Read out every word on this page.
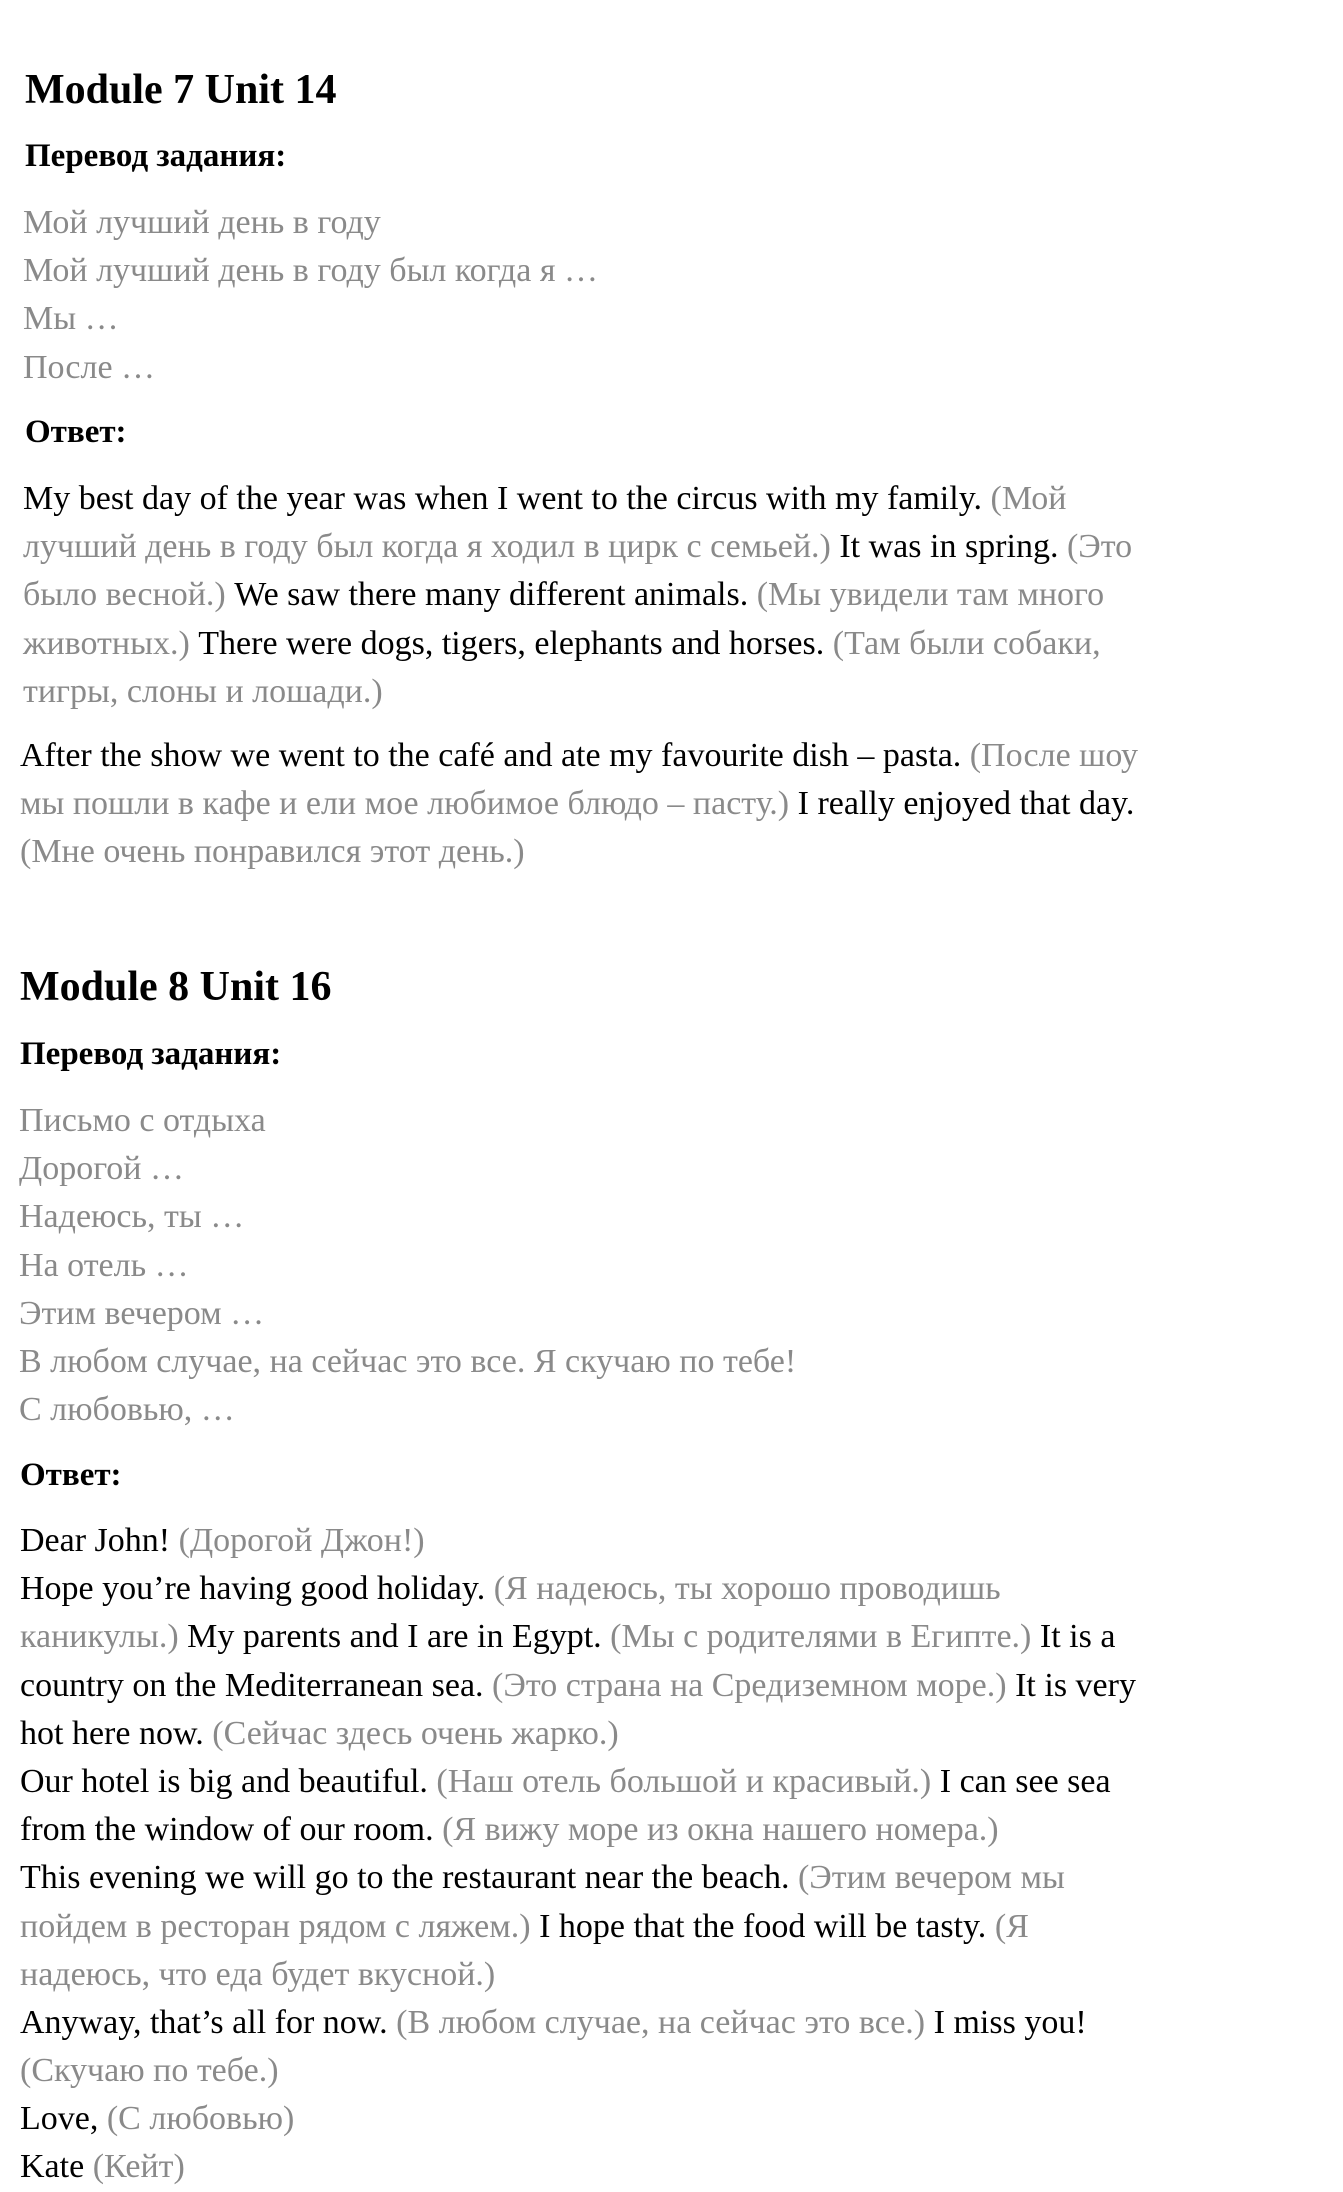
Module 7 Unit 14
Перевод задания:
Мой лучший день в году
Мой лучший день в году был когда я …
Мы …
После …
Ответ:
My best day of the year was when I went to the circus with my family. (Мой
лучший день в году был когда я ходил в цирк с семьей.) It was in spring. (Это
было весной.) We saw there many different animals. (Мы увидели там много
животных.) There were dogs, tigers, elephants and horses. (Там были собаки,
тигры, слоны и лошади.)
After the show we went to the café and ate my favourite dish – pasta. (После шоу
мы пошли в кафе и ели мое любимое блюдо – пасту.) I really enjoyed that day.
(Мне очень понравился этот день.)
Module 8 Unit 16
Перевод задания:
Письмо с отдыха
Дорогой …
Надеюсь, ты …
На отель …
Этим вечером …
В любом случае, на сейчас это все. Я скучаю по тебе!
С любовью, …
Ответ:
Dear John! (Дорогой Джон!)
Hope you’re having good holiday. (Я надеюсь, ты хорошо проводишь
каникулы.) My parents and I are in Egypt. (Мы с родителями в Египте.) It is a
country on the Mediterranean sea. (Это страна на Средиземном море.) It is very
hot here now. (Сейчас здесь очень жарко.)
Our hotel is big and beautiful. (Наш отель большой и красивый.) I can see sea
from the window of our room. (Я вижу море из окна нашего номера.)
This evening we will go to the restaurant near the beach. (Этим вечером мы
пойдем в ресторан рядом с ляжем.) I hope that the food will be tasty. (Я
надеюсь, что еда будет вкусной.)
Anyway, that’s all for now. (В любом случае, на сейчас это все.) I miss you!
(Скучаю по тебе.)
Love, (С любовью)
Kate (Кейт)
